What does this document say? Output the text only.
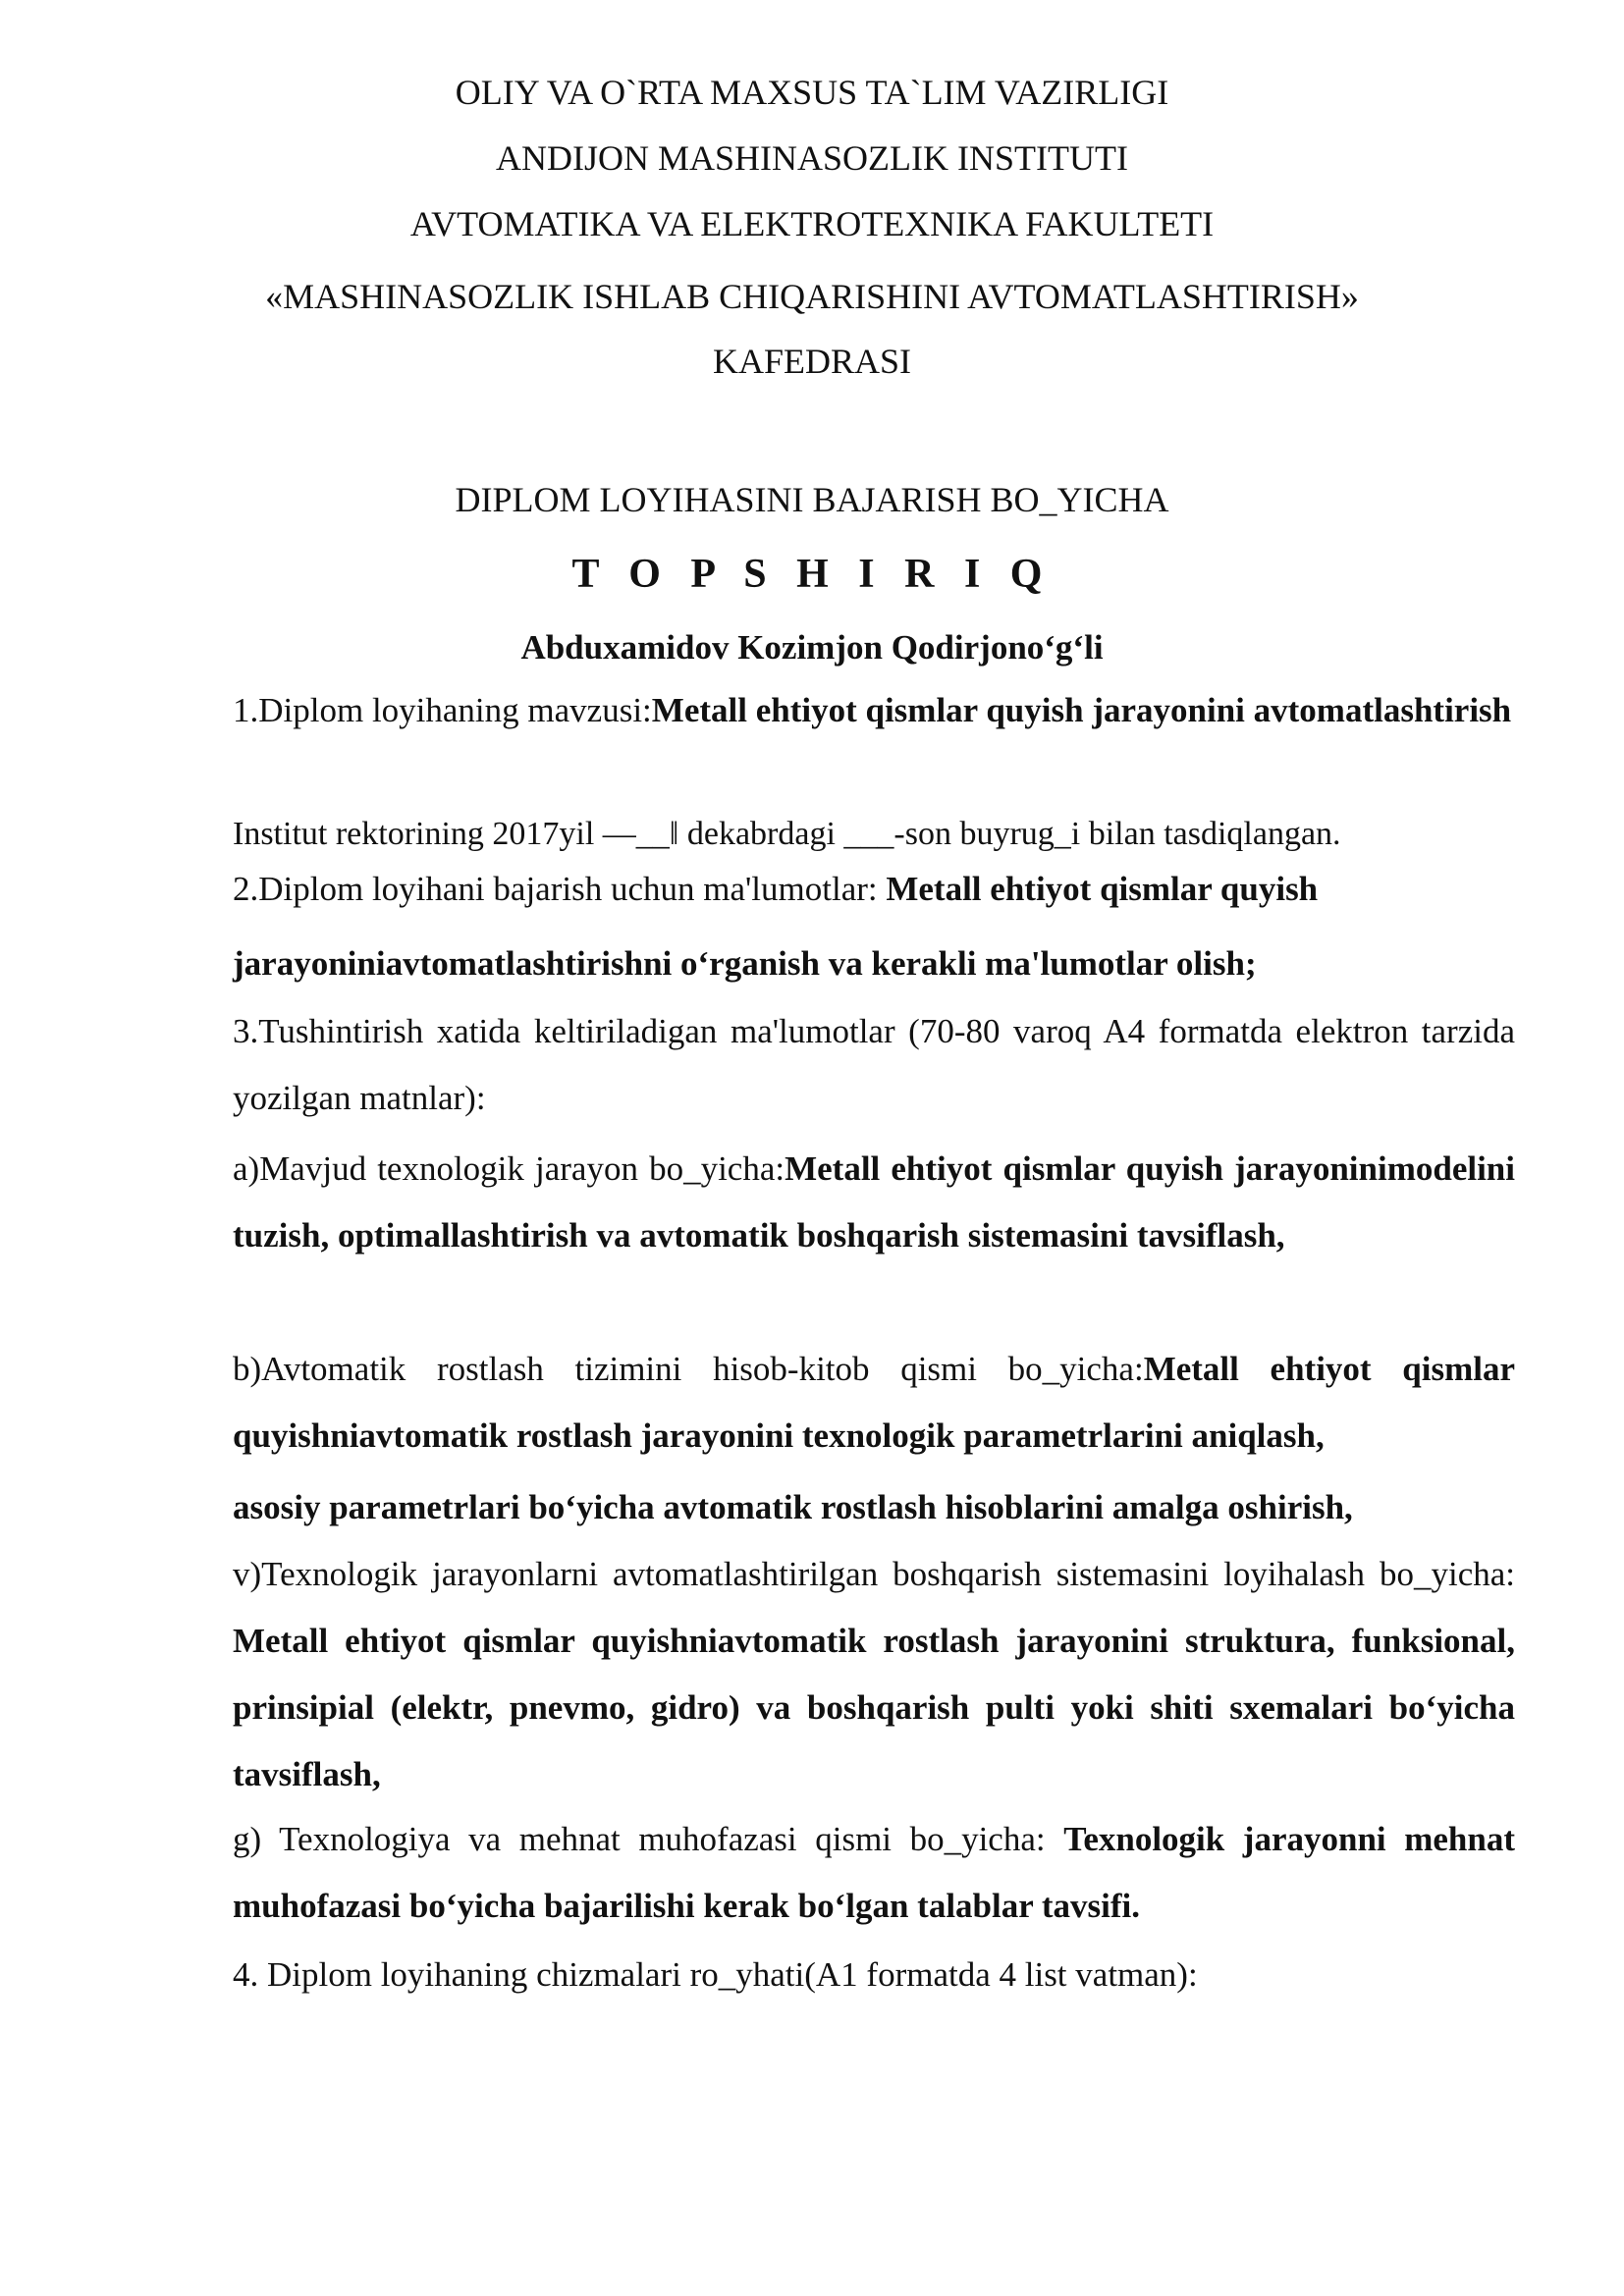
OLIY VA O`RTA MAXSUS TA`LIM VAZIRLIGI
ANDIJON MASHINASOZLIK INSTITUTI
AVTOMATIKA VA ELEKTROTEXNIKA FAKULTETI
«MASHINASOZLIK ISHLAB CHIQARISHINI AVTOMATLASHTIRISH»
KAFEDRASI
DIPLOM LOYIHASINI BAJARISH BO_YICHA
T O P S H I R I Q
Abduxamidov Kozimjon Qodirjono‘g‘li
1.Diplom loyihaning mavzusi:Metall ehtiyot qismlar quyish jarayonini avtomatlashtirish
Institut rektorining 2017yil ―__‖ dekabrdagi ___-son buyrug_i bilan tasdiqlangan.
2.Diplom loyihani bajarish uchun ma'lumotlar: Metall ehtiyot qismlar quyish
jarayoniniavtomatlashtirishni o‘rganish va kerakli ma'lumotlar olish;
3.Tushintirish xatida keltiriladigan ma'lumotlar (70-80 varoq A4 formatda elektron tarzida yozilgan matnlar):
a)Mavjud texnologik jarayon bo_yicha:Metall ehtiyot qismlar quyish jarayoninimodelini tuzish, optimallashtirish va avtomatik boshqarish sistemasini tavsiflash,
b)Avtomatik rostlash tizimini hisob-kitob qismi bo_yicha:Metall ehtiyot qismlar quyishniavtomatik rostlash jarayonini texnologik parametrlarini aniqlash,
asosiy parametrlari bo‘yicha avtomatik rostlash hisoblarini amalga oshirish,
v)Texnologik jarayonlarni avtomatlashtirilgan boshqarish sistemasini loyihalash bo_yicha: Metall ehtiyot qismlar quyishniavtomatik rostlash jarayonini struktura, funksional, prinsipial (elektr, pnevmo, gidro) va boshqarish pulti yoki shiti sxemalari bo‘yicha tavsiflash,
g) Texnologiya va mehnat muhofazasi qismi bo_yicha: Texnologik jarayonni mehnat muhofazasi bo‘yicha bajarilishi kerak bo‘lgan talablar tavsifi.
4. Diplom loyihaning chizmalari ro_yhati(A1 formatda 4 list vatman):
